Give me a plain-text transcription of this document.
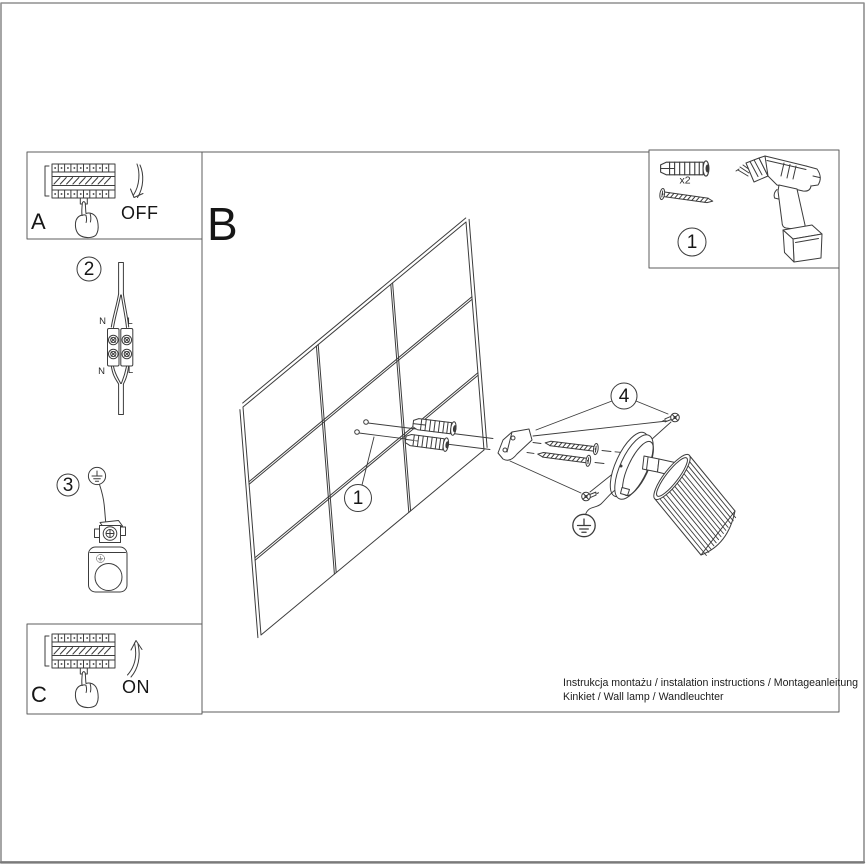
A	B
C
OFF
ON
x2
1
2
3
1
4
N L
N L
Instrukcja montażu / instalation instructions / Montageanleitung
Kinkiet / Wall lamp / Wandleuchter
